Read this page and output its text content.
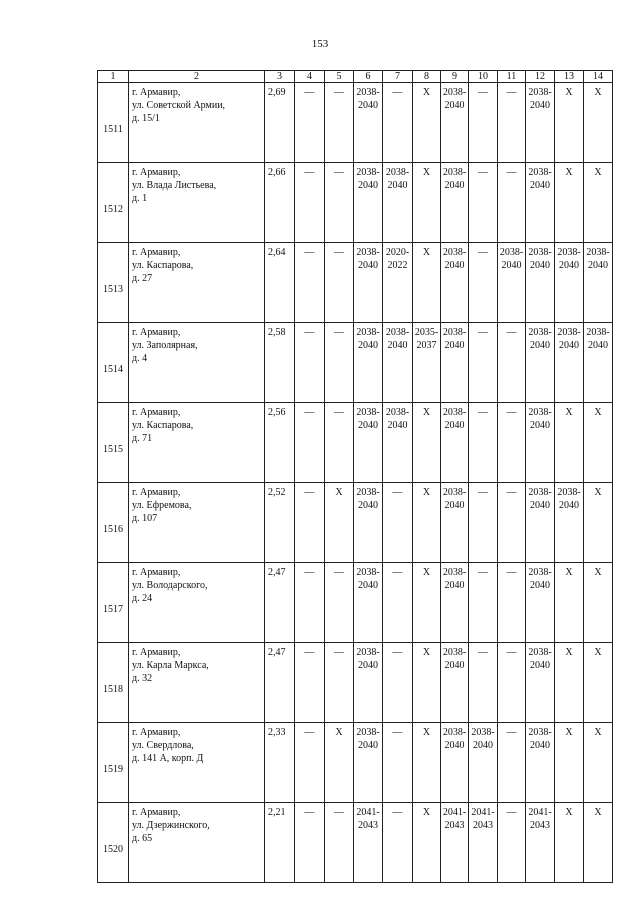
153
1	2	3	4	5	6	7	8	9	10	11	12	13	14
1511	г. Армавир,
ул. Советской Армии,
д. 15/1	2,69	—	—	2038-
2040	—	X	2038-
2040	—	—	2038-
2040	X	X

1512	г. Армавир,
ул. Влада Листьева,
д. 1	2,66	—	—	2038-
2040	2038-
2040	X	2038-
2040	—	—	2038-
2040	X	X

1513	г. Армавир,
ул. Каспарова,
д. 27	2,64	—	—	2038-
2040	2020-
2022	X	2038-
2040	—	2038-
2040	2038-
2040	2038-
2040	2038-
2040

1514	г. Армавир,
ул. Заполярная,
д. 4	2,58	—	—	2038-
2040	2038-
2040	2035-
2037	2038-
2040	—	—	2038-
2040	2038-
2040	2038-
2040

1515	г. Армавир,
ул. Каспарова,
д. 71	2,56	—	—	2038-
2040	2038-
2040	X	2038-
2040	—	—	2038-
2040	X	X

1516	г. Армавир,
ул. Ефремова,
д. 107	2,52	—	X	2038-
2040	—	X	2038-
2040	—	—	2038-
2040	2038-
2040	X

1517	г. Армавир,
ул. Володарского,
д. 24	2,47	—	—	2038-
2040	—	X	2038-
2040	—	—	2038-
2040	X	X

1518	г. Армавир,
ул. Карла Маркса,
д. 32	2,47	—	—	2038-
2040	—	X	2038-
2040	—	—	2038-
2040	X	X

1519	г. Армавир,
ул. Свердлова,
д. 141 А, корп. Д	2,33	—	X	2038-
2040	—	X	2038-
2040	2038-
2040	—	2038-
2040	X	X

1520	г. Армавир,
ул. Дзержинского,
д. 65	2,21	—	—	2041-
2043	—	X	2041-
2043	2041-
2043	—	2041-
2043	X	X
